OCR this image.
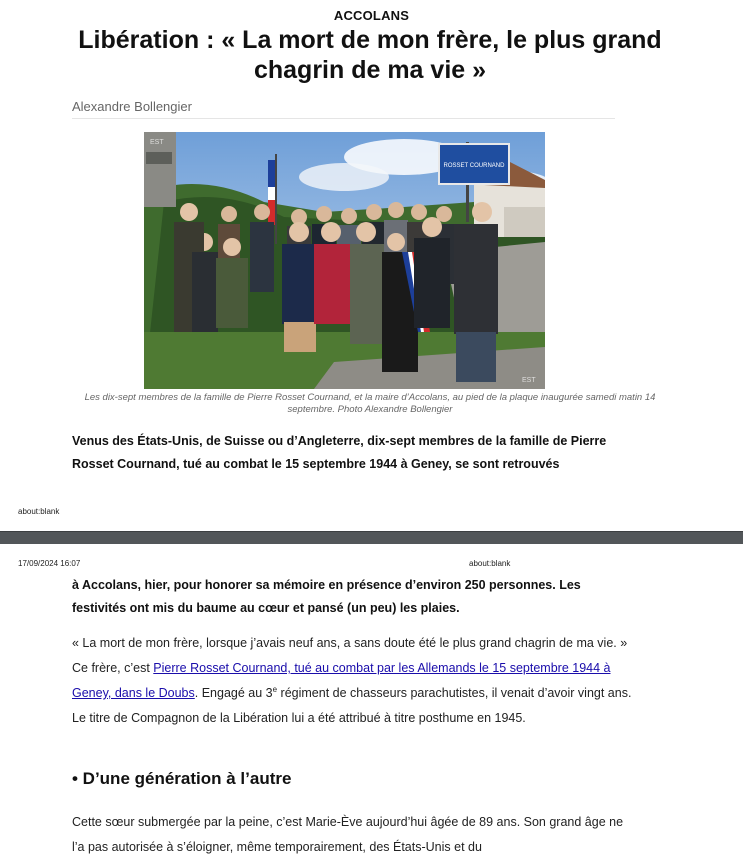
ACCOLANS
Libération : « La mort de mon frère, le plus grand chagrin de ma vie »
Alexandre Bollengier
ROSSET COURNAND
EST
EST
Les dix-sept membres de la famille de Pierre Rosset Cournand, et la maire d’Accolans, au pied de la plaque inaugurée samedi matin 14 septembre. Photo Alexandre Bollengier
Venus des États-Unis, de Suisse ou d’Angleterre, dix-sept membres de la famille de Pierre Rosset Cournand, tué au combat le 15 septembre 1944 à Geney, se sont retrouvés
about:blank
17/09/2024 16:07	about:blank
à Accolans, hier, pour honorer sa mémoire en présence d’environ 250 personnes. Les festivités ont mis du baume au cœur et pansé (un peu) les plaies.
« La mort de mon frère, lorsque j’avais neuf ans, a sans doute été le plus grand chagrin de ma vie. » Ce frère, c’est Pierre Rosset Cournand, tué au combat par les Allemands le 15 septembre 1944 à Geney, dans le Doubs. Engagé au 3e régiment de chasseurs parachutistes, il venait d’avoir vingt ans. Le titre de Compagnon de la Libération lui a été attribué à titre posthume en 1945.
• D’une génération à l’autre
Cette sœur submergée par la peine, c’est Marie-Ève aujourd’hui âgée de 89 ans. Son grand âge ne l’a pas autorisée à s’éloigner, même temporairement, des États-Unis et du
